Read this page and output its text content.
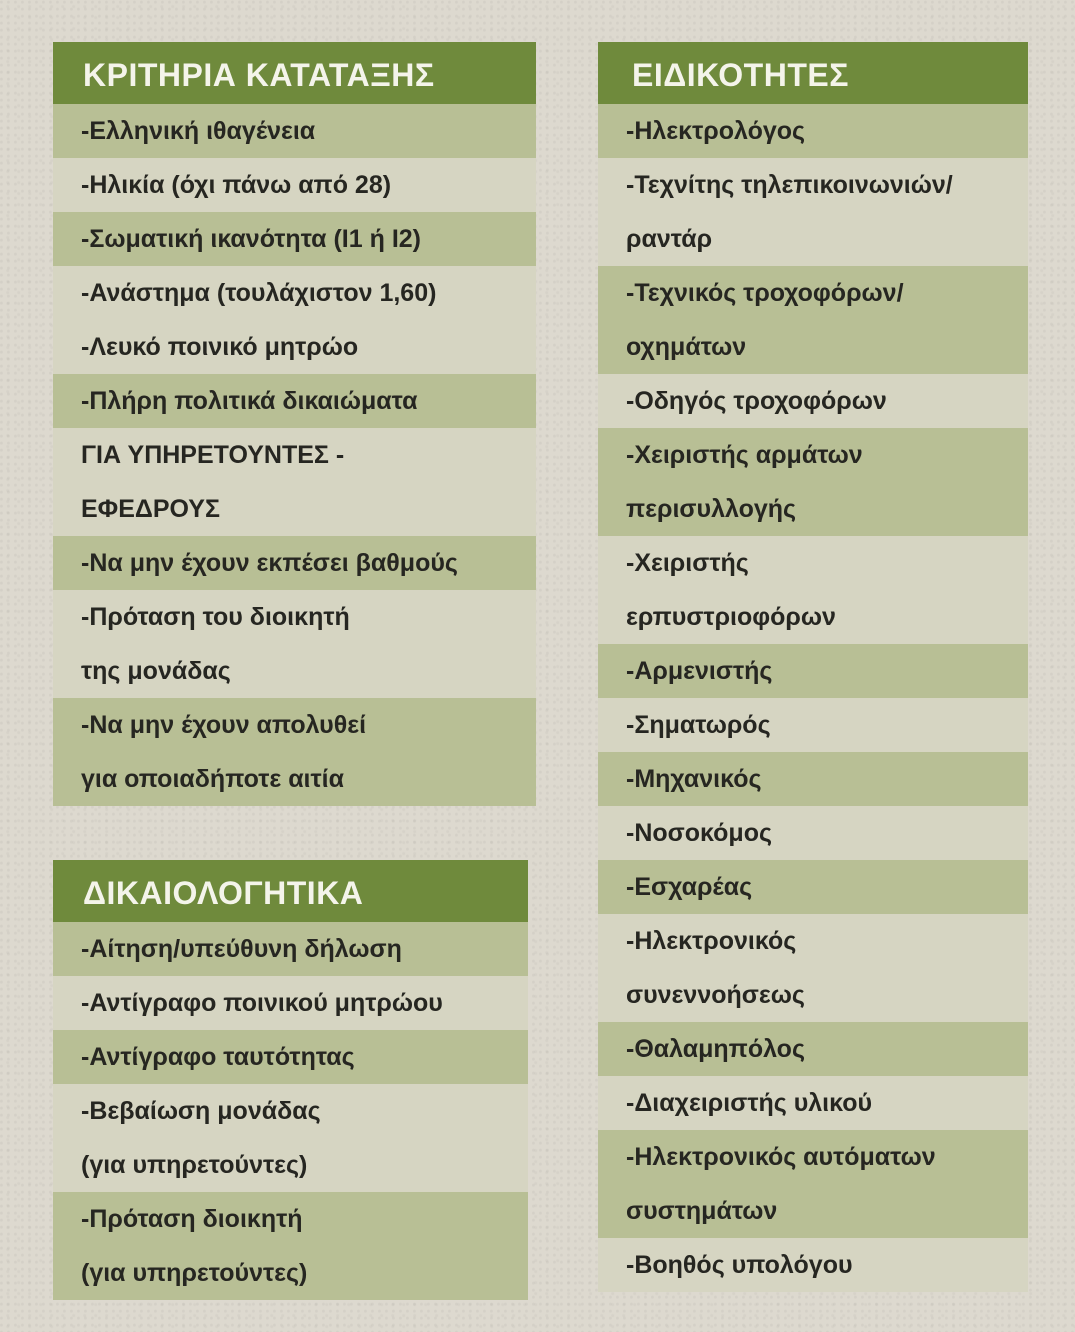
ΚΡΙΤΗΡΙΑ ΚΑΤΑΤΑΞΗΣ
-Ελληνική ιθαγένεια
-Ηλικία (όχι πάνω από 28)
-Σωματική ικανότητα (Ι1 ή Ι2)
-Ανάστημα (τουλάχιστον 1,60)
-Λευκό ποινικό μητρώο
-Πλήρη πολιτικά δικαιώματα
ΓΙΑ ΥΠΗΡΕΤΟΥΝΤΕΣ -
ΕΦΕΔΡΟΥΣ
-Να μην έχουν εκπέσει βαθμούς
-Πρόταση του διοικητή
της μονάδας
-Να μην έχουν απολυθεί
για οποιαδήποτε αιτία
ΔΙΚΑΙΟΛΟΓΗΤΙΚΑ
-Αίτηση/υπεύθυνη δήλωση
-Αντίγραφο ποινικού μητρώου
-Αντίγραφο ταυτότητας
-Βεβαίωση μονάδας
(για υπηρετούντες)
-Πρόταση διοικητή
(για υπηρετούντες)
ΕΙΔΙΚΟΤΗΤΕΣ
-Ηλεκτρολόγος
-Τεχνίτης τηλεπικοινωνιών/
ραντάρ
-Τεχνικός τροχοφόρων/
οχημάτων
-Οδηγός τροχοφόρων
-Χειριστής αρμάτων
περισυλλογής
-Χειριστής
ερπυστριοφόρων
-Αρμενιστής
-Σηματωρός
-Μηχανικός
-Νοσοκόμος
-Εσχαρέας
-Ηλεκτρονικός
συνεννοήσεως
-Θαλαμηπόλος
-Διαχειριστής υλικού
-Ηλεκτρονικός αυτόματων
συστημάτων
-Βοηθός υπολόγου
